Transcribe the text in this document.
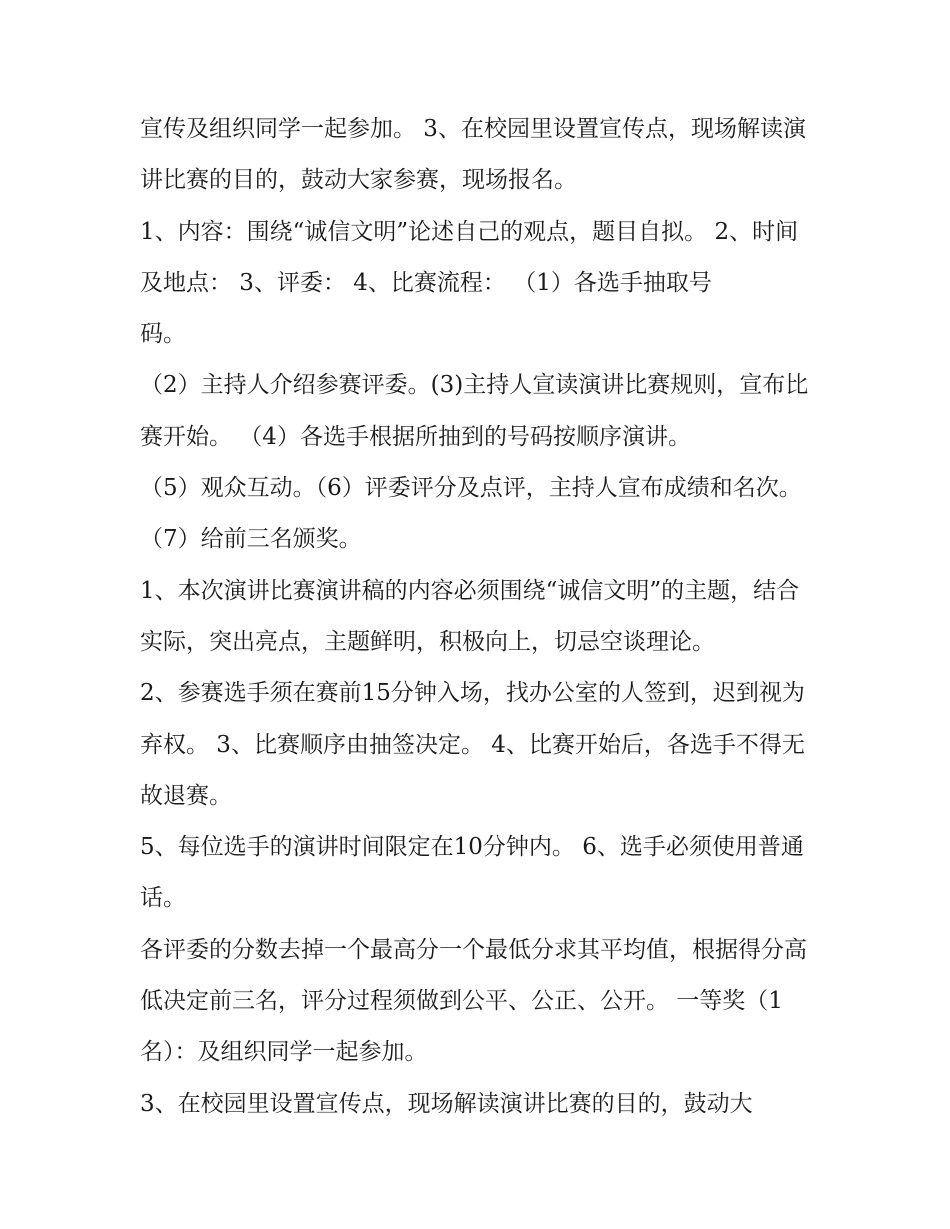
宣传及组织同学一起参加。 3、在校园里设置宣传点，现场解读演讲比赛的目的，鼓动大家参赛，现场报名。

1、内容：围绕“诚信文明”论述自己的观点，题目自拟。 2、时间及地点： 3、评委： 4、比赛流程： （1）各选手抽取号
码。

（2）主持人介绍参赛评委。(3)主持人宣读演讲比赛规则，宣布比赛开始。 （4）各选手根据所抽到的号码按顺序演讲。

（5）观众互动。（6）评委评分及点评，主持人宣布成绩和名次。 （7）给前三名颁奖。

1、本次演讲比赛演讲稿的内容必须围绕“诚信文明”的主题，结合实际，突出亮点，主题鲜明，积极向上，切忌空谈理论。

2、参赛选手须在赛前15分钟入场，找办公室的人签到，迟到视为弃权。 3、比赛顺序由抽签决定。 4、比赛开始后，各选手不得无故退赛。

5、每位选手的演讲时间限定在10分钟内。 6、选手必须使用普通话。

各评委的分数去掉一个最高分一个最低分求其平均值，根据得分高低决定前三名，评分过程须做到公平、公正、公开。 一等奖（1名）：及组织同学一起参加。

3、在校园里设置宣传点，现场解读演讲比赛的目的，鼓动大
